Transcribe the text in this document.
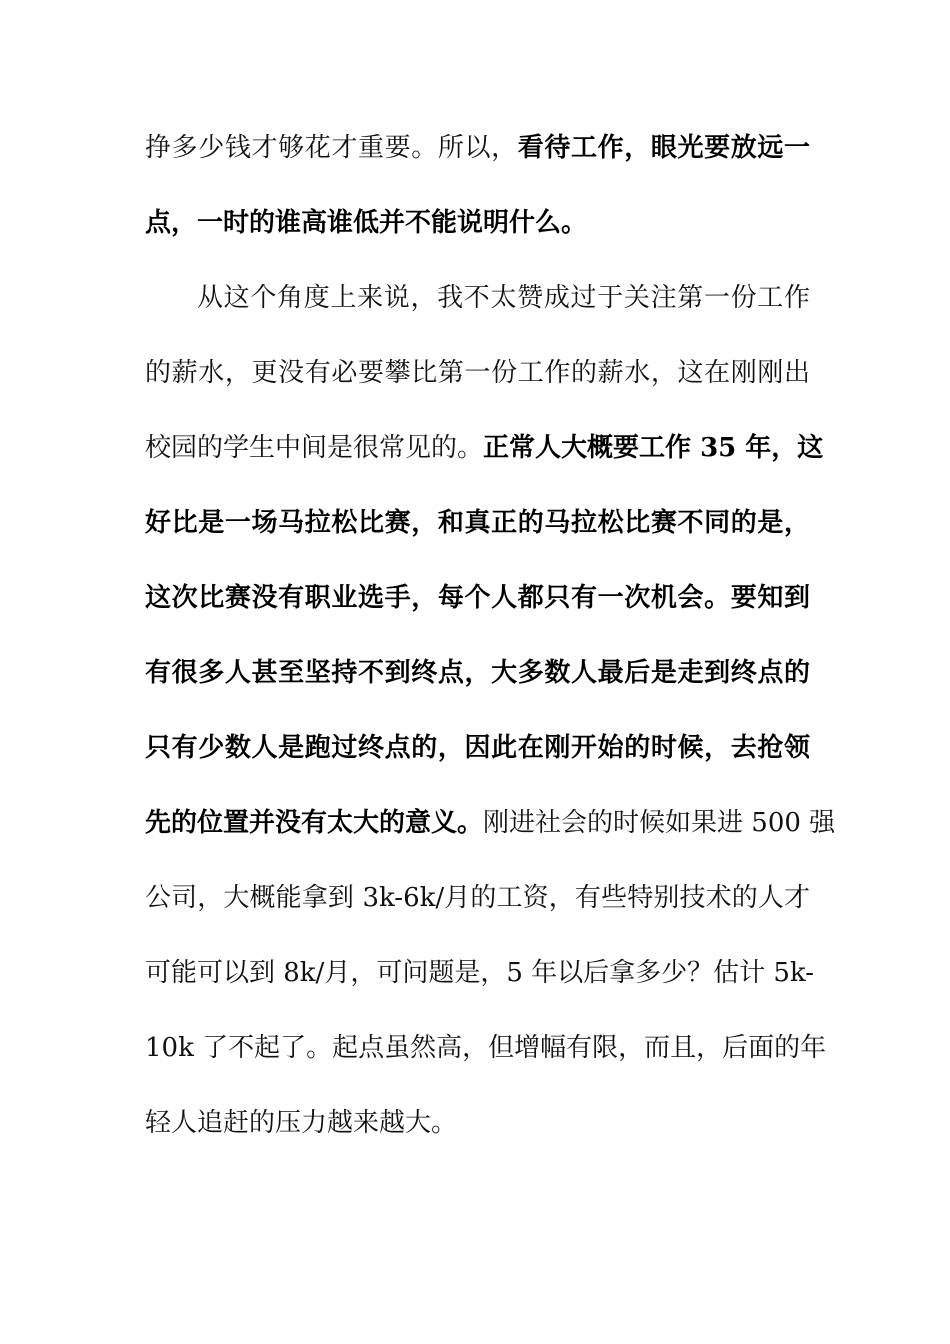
挣多少钱才够花才重要。所以，看待工作，眼光要放远一
点，一时的谁高谁低并不能说明什么。
从这个角度上来说，我不太赞成过于关注第一份工作
的薪水，更没有必要攀比第一份工作的薪水，这在刚刚出
校园的学生中间是很常见的。正常人大概要工作 35 年，这
好比是一场马拉松比赛，和真正的马拉松比赛不同的是，
这次比赛没有职业选手，每个人都只有一次机会。要知到
有很多人甚至坚持不到终点，大多数人最后是走到终点的
只有少数人是跑过终点的，因此在刚开始的时候，去抢领
先的位置并没有太大的意义。刚进社会的时候如果进 500 强
公司，大概能拿到 3k-6k/月的工资，有些特别技术的人才
可能可以到 8k/月，可问题是，5 年以后拿多少？估计 5k-
10k 了不起了。起点虽然高，但增幅有限，而且，后面的年
轻人追赶的压力越来越大。
